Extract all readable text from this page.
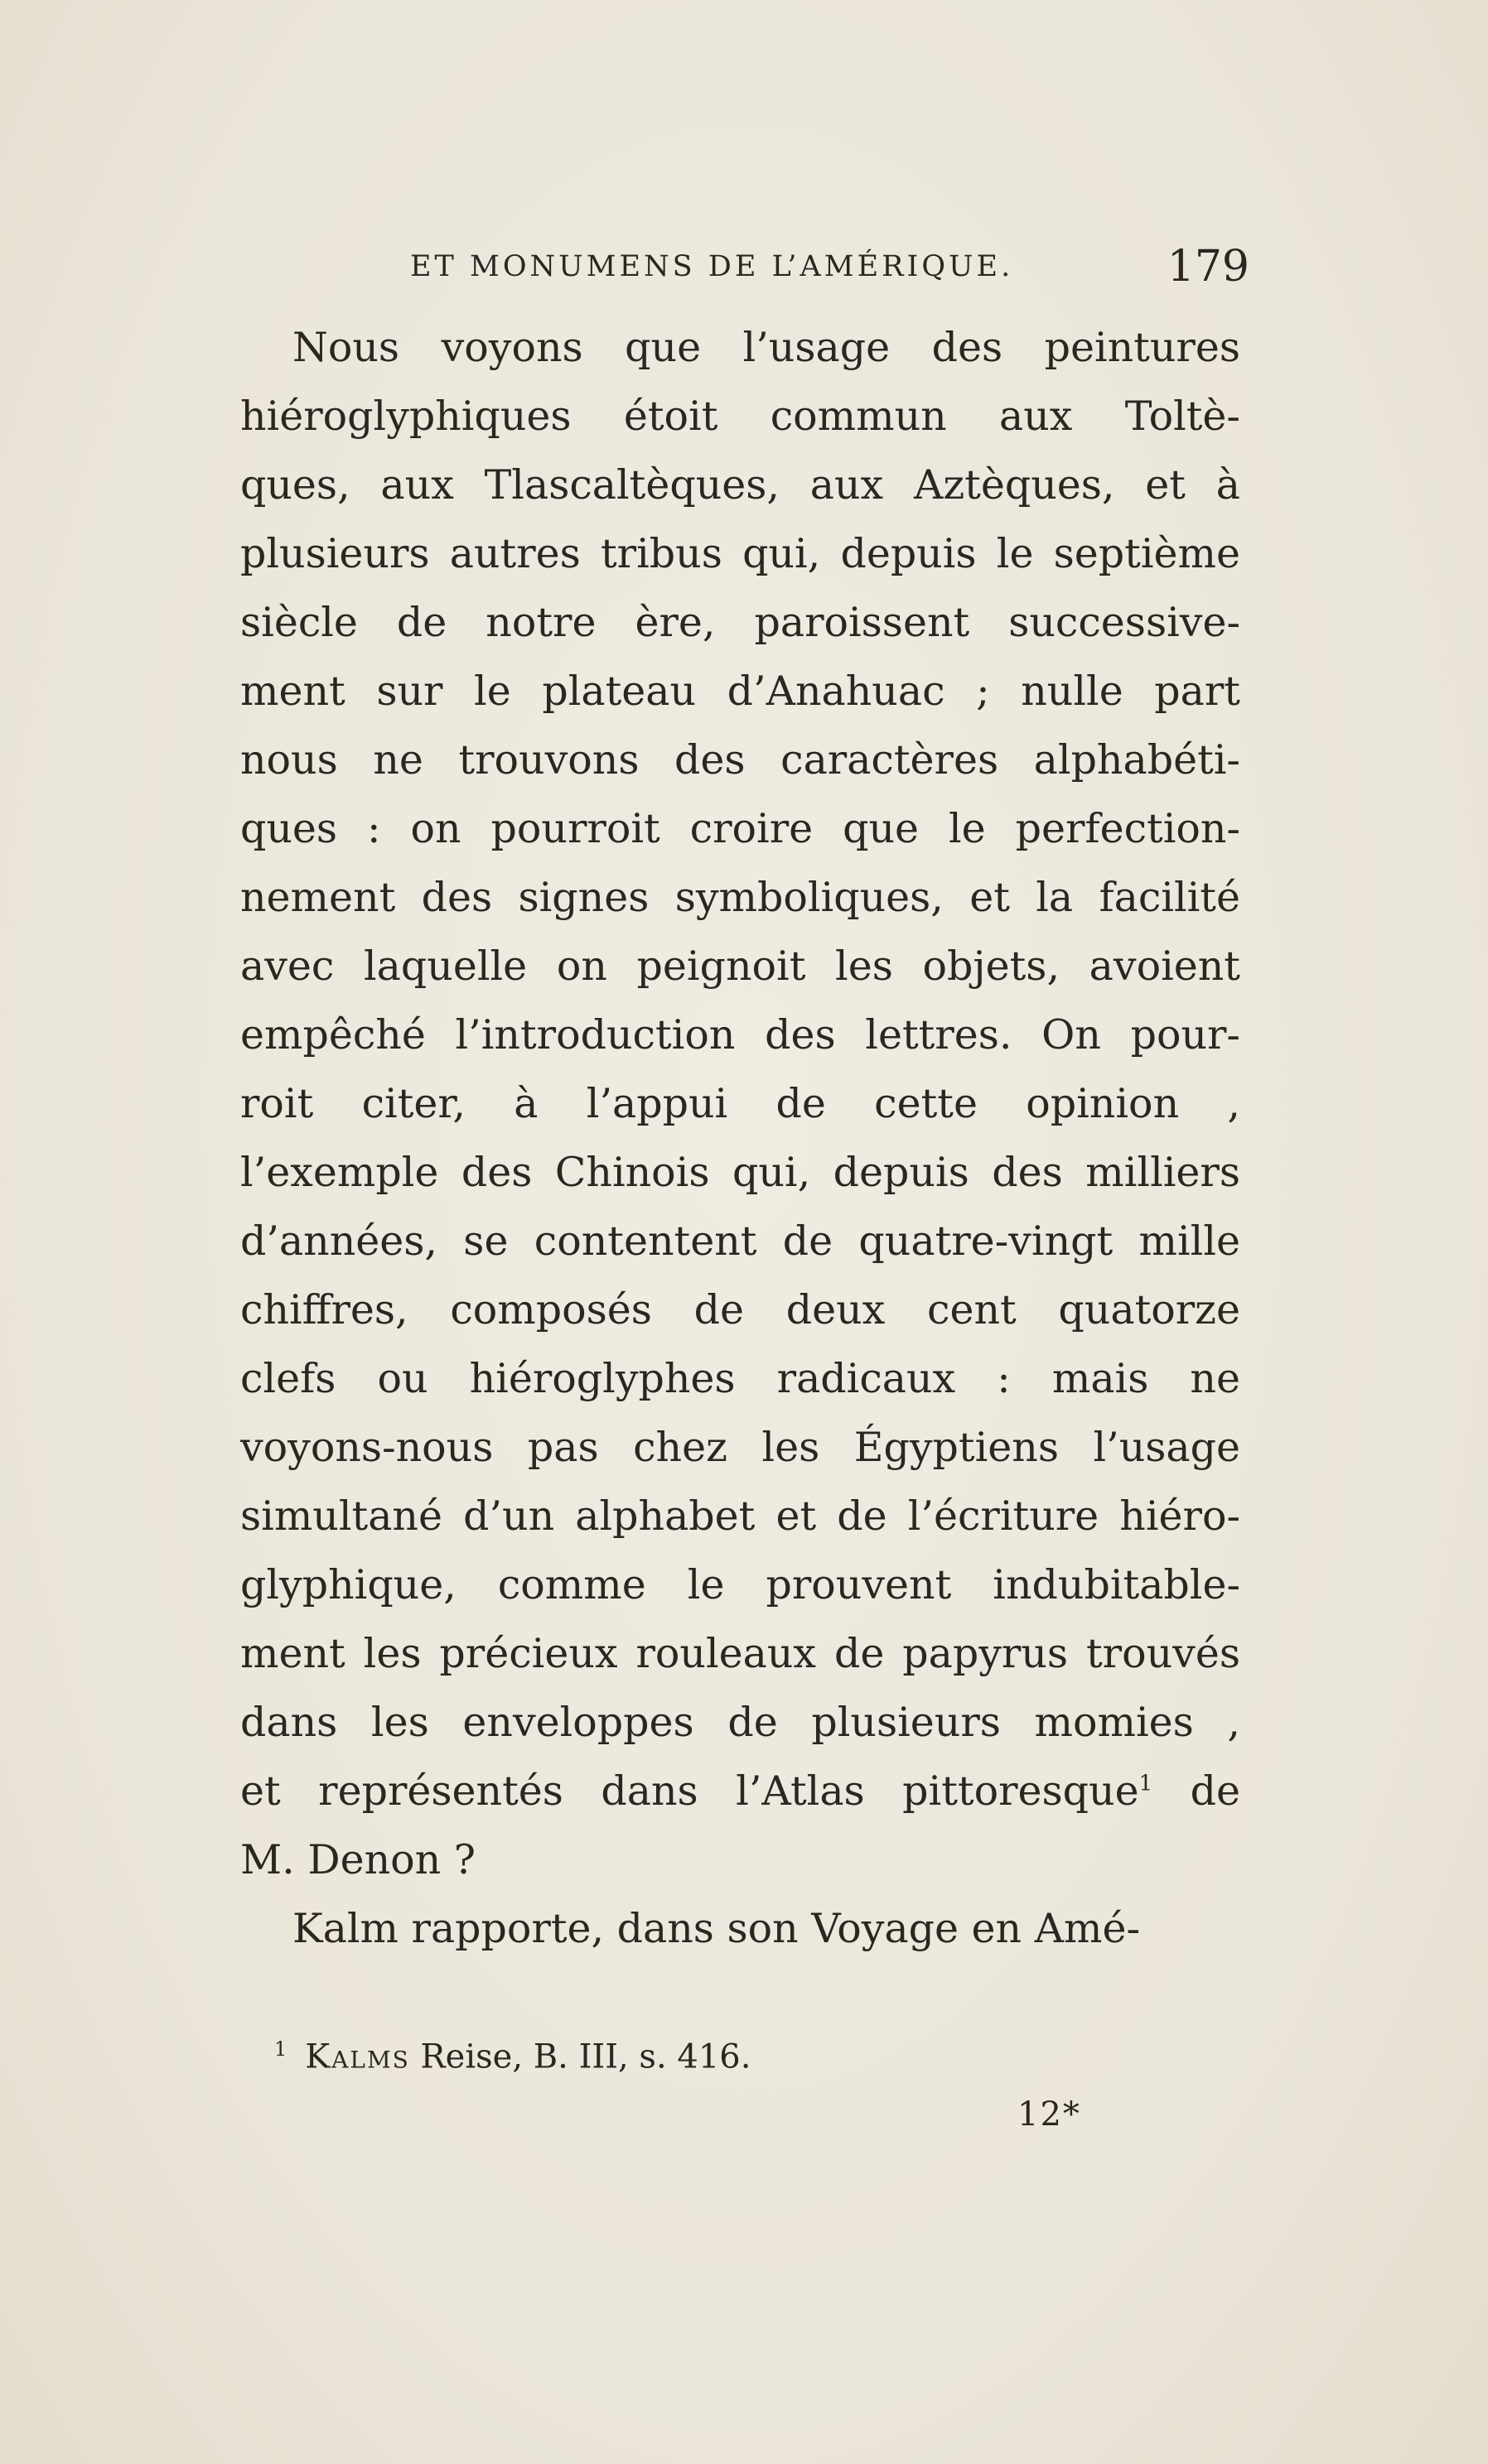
ET MONUMENS DE L’AMÉRIQUE.	179
Nous voyons que l’usage des peintures
hiéroglyphiques étoit commun aux Toltè-
ques, aux Tlascaltèques, aux Aztèques, et à
plusieurs autres tribus qui, depuis le septième
siècle de notre ère, paroissent successive-
ment sur le plateau d’Anahuac ; nulle part
nous ne trouvons des caractères alphabéti-
ques : on pourroit croire que le perfection-
nement des signes symboliques, et la facilité
avec laquelle on peignoit les objets, avoient
empêché l’introduction des lettres. On pour-
roit citer, à l’appui de cette opinion ,
l’exemple des Chinois qui, depuis des milliers
d’années, se contentent de quatre-vingt mille
chiffres, composés de deux cent quatorze
clefs ou hiéroglyphes radicaux : mais ne
voyons-nous pas chez les Égyptiens l’usage
simultané d’un alphabet et de l’écriture hiéro-
glyphique, comme le prouvent indubitable-
ment les précieux rouleaux de papyrus trouvés
dans les enveloppes de plusieurs momies ,
et représentés dans l’Atlas pittoresque$^1$ de
M. Denon ?
Kalm rapporte, dans son Voyage en Amé-
$^1$ Kalms Reise, B. III, s. 416.
12*
